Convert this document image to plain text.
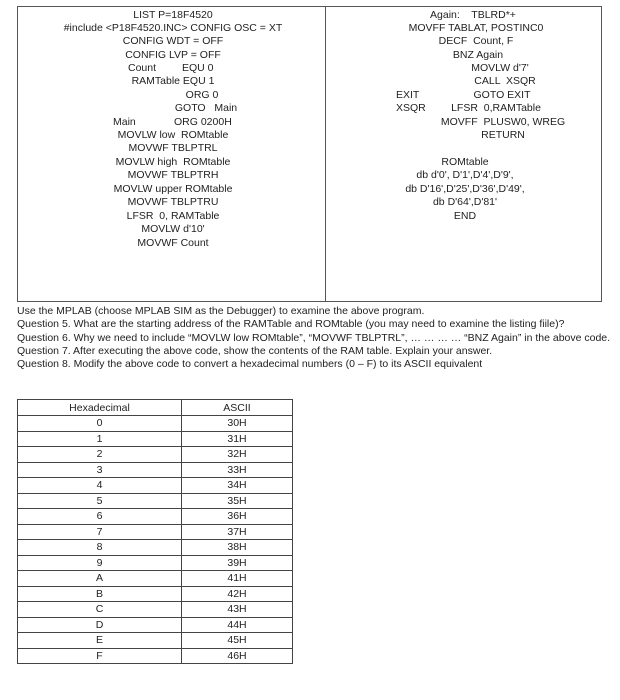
LIST P=18F4520
#include <P18F4520.INC> CONFIG OSC = XT
CONFIG WDT = OFF
CONFIG LVP = OFF
Count EQU 0
RAMTable EQU 1
ORG 0
GOTO   Main
Main	ORG 0200H
MOVLW low  ROMtable
MOVWF TBLPTRL
MOVLW high  ROMtable
MOVWF TBLPTRH
MOVLW upper ROMtable
MOVWF TBLPTRU
LFSR  0, RAMTable
MOVLW d'10'
MOVWF Count
Again:    TBLRD*+
MOVFF TABLAT, POSTINC0
DECF  Count, F
BNZ Again
MOVLW d'7'
CALL  XSQR
EXIT	GOTO EXIT
XSQR LFSR  0,RAMTable
MOVFF  PLUSW0, WREG
RETURN
ROMtable
db d'0', D'1',D'4',D'9',
db D'16',D'25',D'36',D'49',
db D'64',D'81'
END
Use the MPLAB (choose MPLAB SIM as the Debugger) to examine the above program.
Question 5. What are the starting address of the RAMTable and ROMtable (you may need to examine the listing fiile)?
Question 6. Why we need to include “MOVLW low ROMtable”, “MOVWF TBLPTRL”, … … … … “BNZ Again” in the above code.
Question 7. After executing the above code, show the contents of the RAM table. Explain your answer.
Question 8. Modify the above code to convert a hexadecimal numbers (0 – F) to its ASCII equivalent
Hexadecimal	ASCII
0	30H
1	31H
2	32H
3	33H
4	34H
5	35H
6	36H
7	37H
8	38H
9	39H
A	41H
B	42H
C	43H
D	44H
E	45H
F	46H
